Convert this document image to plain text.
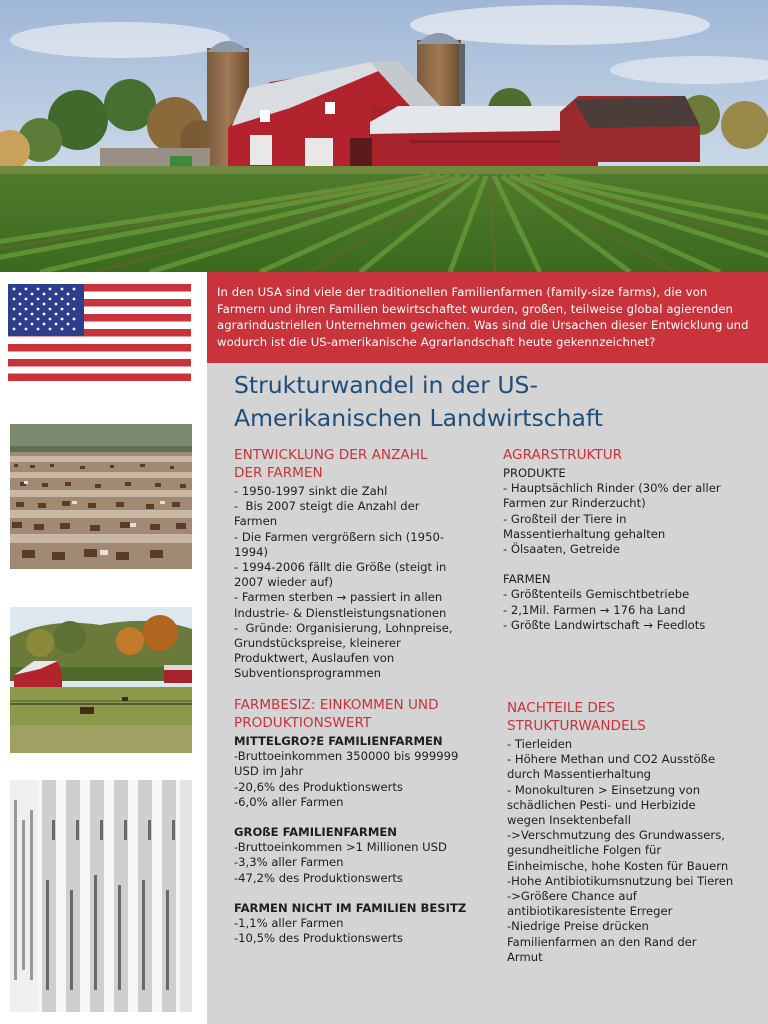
In den USA sind viele der traditionellen Familienfarmen (family-size farms), die von Farmern und ihren Familien bewirtschaftet wurden, großen, teilweise global agierenden agrarindustriellen Unternehmen gewichen. Was sind die Ursachen dieser Entwicklung und wodurch ist die US-amerikanische Agrarlandschaft heute gekennzeichnet?

Strukturwandel in der US-
Amerikanischen Landwirtschaft
ENTWICKLUNG DER ANZAHL
DER FARMEN
- 1950-1997 sinkt die Zahl
-  Bis 2007 steigt die Anzahl der
Farmen
- Die Farmen vergrößern sich (1950-
1994)
- 1994-2006 fällt die Größe (steigt in
2007 wieder auf)
- Farmen sterben → passiert in allen
Industrie- & Dienstleistungsnationen
-  Gründe: Organisierung, Lohnpreise,
Grundstückspreise, kleinerer
Produktwert, Auslaufen von
Subventionsprogrammen
AGRARSTRUKTUR
PRODUKTE
- Hauptsächlich Rinder (30% der aller
Farmen zur Rinderzucht)
- Großteil der Tiere in
Massentierhaltung gehalten
- Ölsaaten, Getreide
FARMEN
- Größtenteils Gemischtbetriebe
- 2,1Mil. Farmen → 176 ha Land
- Größte Landwirtschaft → Feedlots
FARMBESIZ: EINKOMMEN UND
PRODUKTIONSWERT
MITTELGRO?E FAMILIENFARMEN
-Bruttoeinkommen 350000 bis 999999
USD im Jahr
-20,6% des Produktionswerts
-6,0% aller Farmen
GROßE FAMILIENFARMEN
-Bruttoeinkommen >1 Millionen USD
-3,3% aller Farmen
-47,2% des Produktionswerts
FARMEN NICHT IM FAMILIEN BESITZ
-1,1% aller Farmen
-10,5% des Produktionswerts
NACHTEILE DES
STRUKTURWANDELS
- Tierleiden
- Höhere Methan und CO2 Ausstöße
durch Massentierhaltung
- Monokulturen > Einsetzung von
schädlichen Pesti- und Herbizide
wegen Insektenbefall
->Verschmutzung des Grundwassers,
gesundheitliche Folgen für
Einheimische, hohe Kosten für Bauern
-Hohe Antibiotikumsnutzung bei Tieren
->Größere Chance auf
antibiotikaresistente Erreger
-Niedrige Preise drücken
Familienfarmen an den Rand der
Armut
